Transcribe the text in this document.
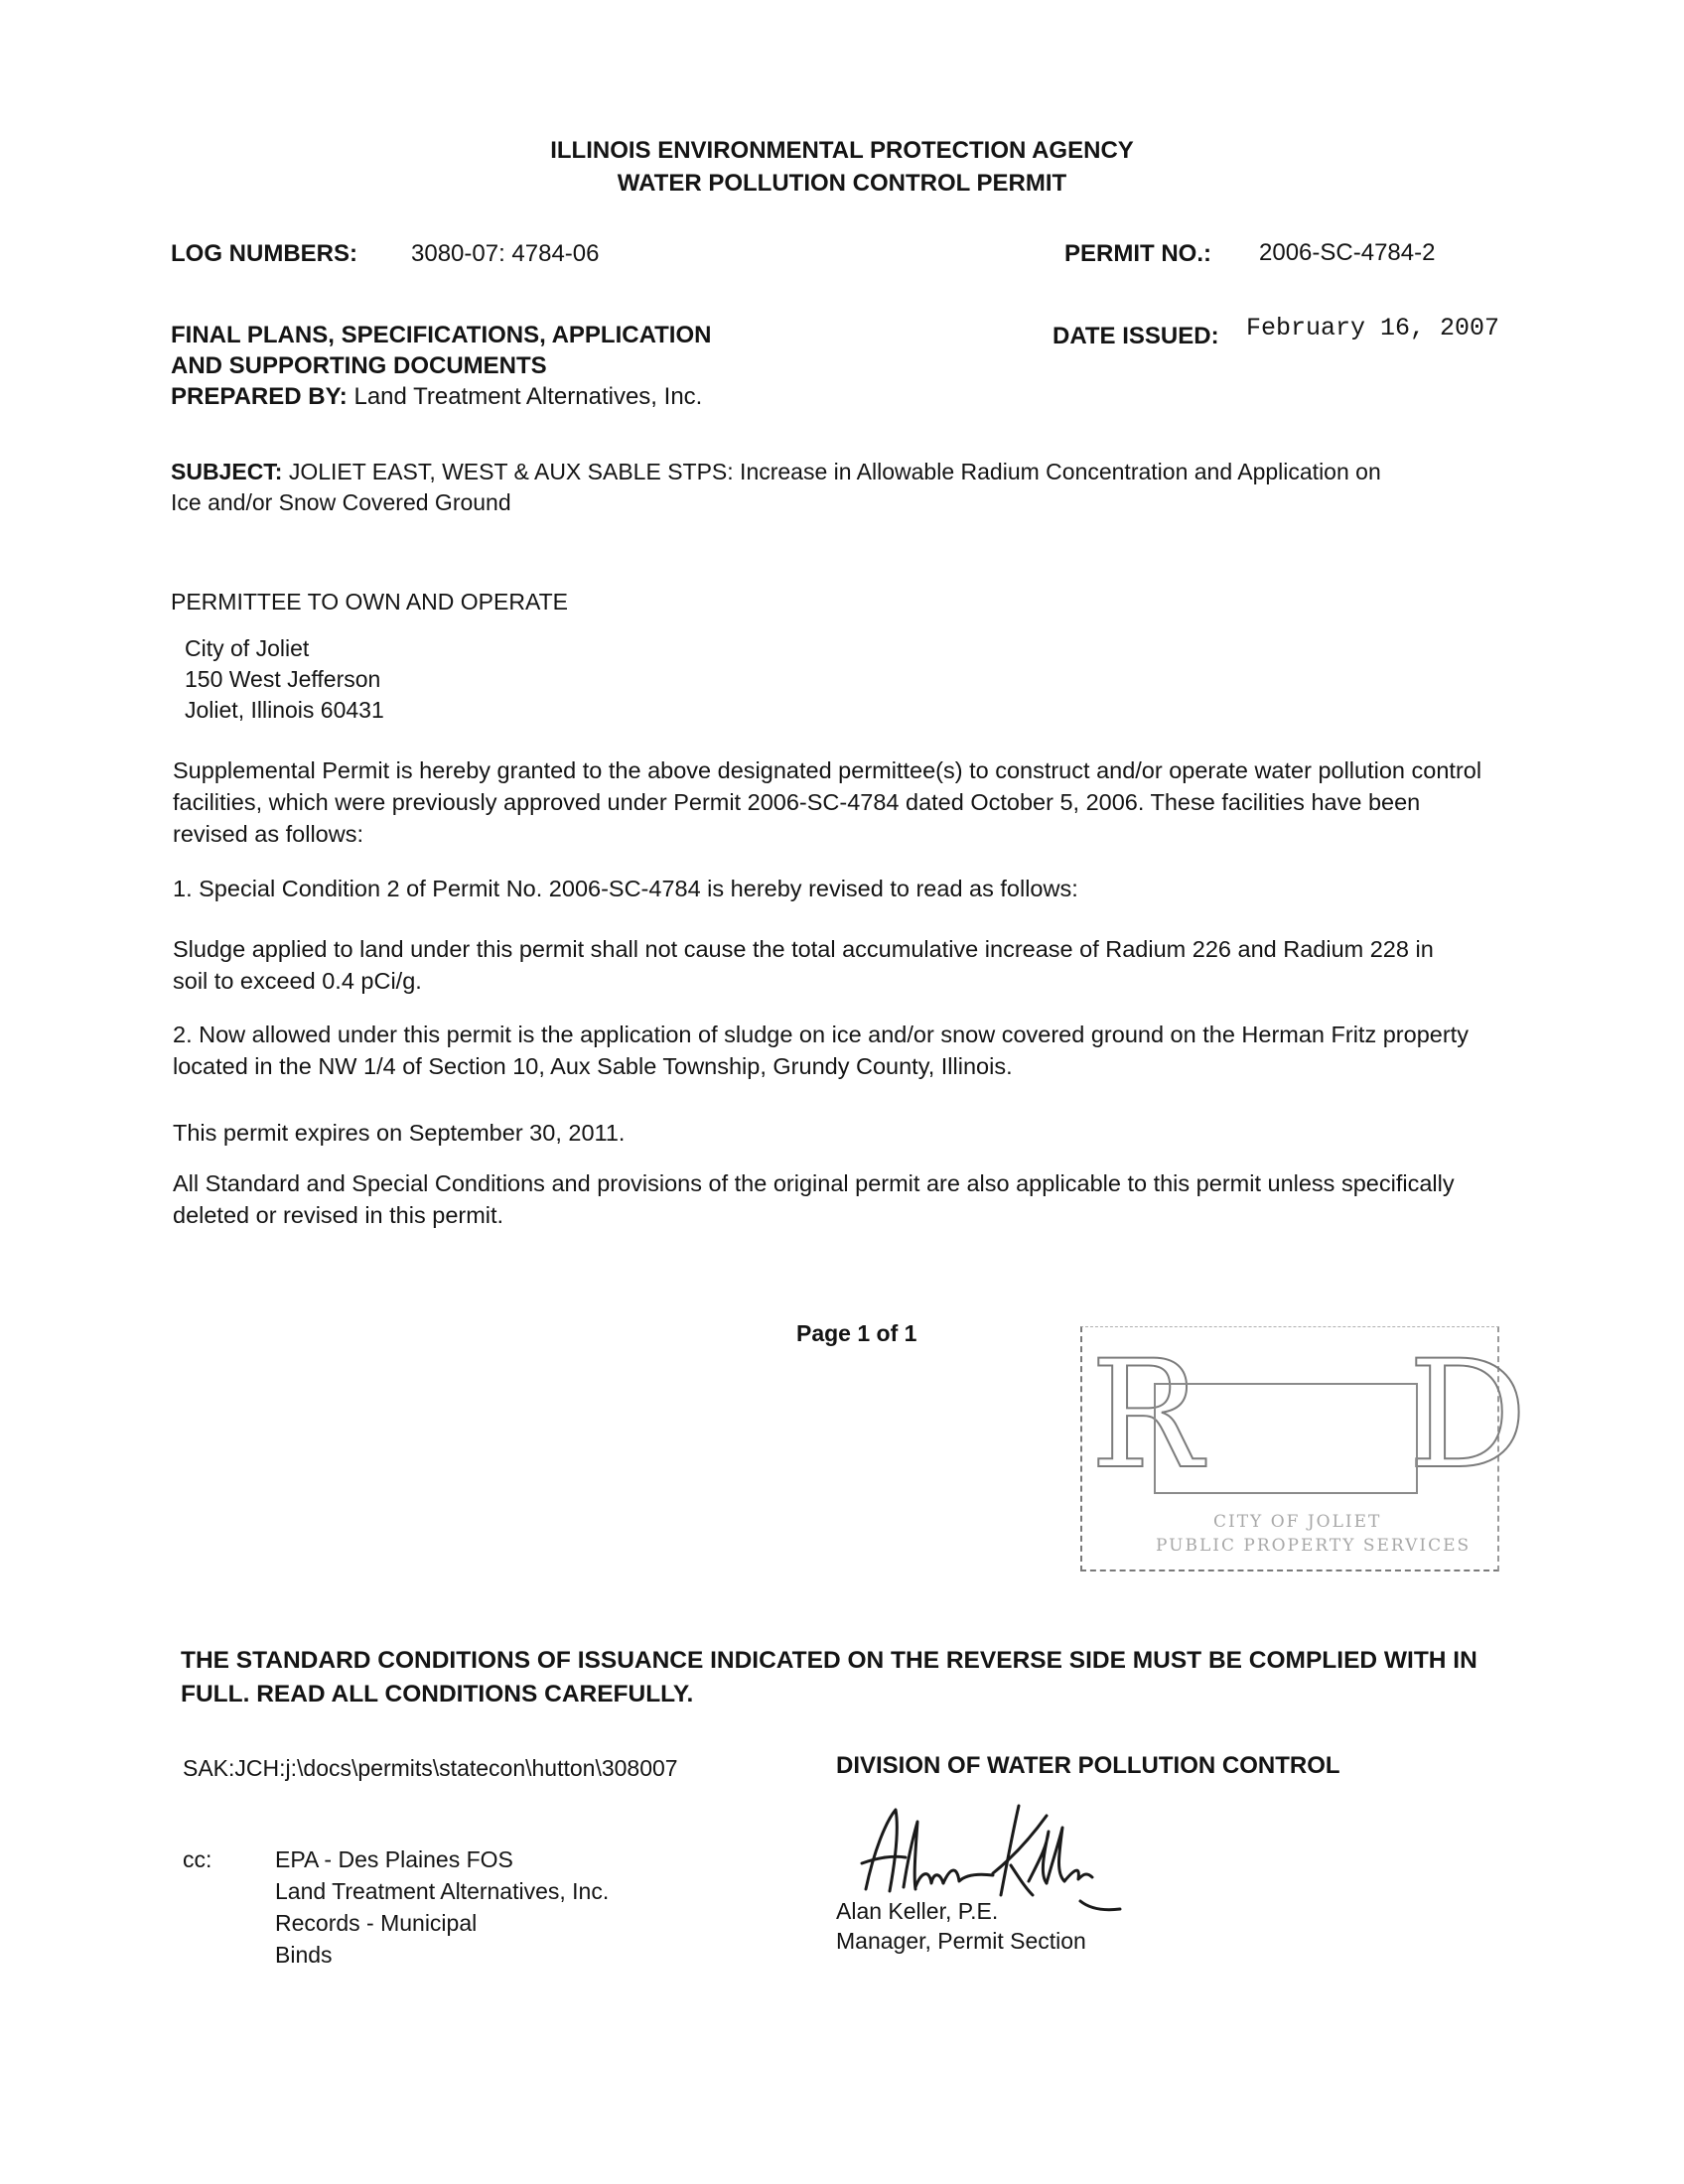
ILLINOIS ENVIRONMENTAL PROTECTION AGENCY
WATER POLLUTION CONTROL PERMIT
LOG NUMBERS: 3080-07: 4784-06	PERMIT NO.: 2006-SC-4784-2
FINAL PLANS, SPECIFICATIONS, APPLICATION
AND SUPPORTING DOCUMENTS
PREPARED BY: Land Treatment Alternatives, Inc.
DATE ISSUED: February 16, 2007
SUBJECT: JOLIET EAST, WEST & AUX SABLE STPS: Increase in Allowable Radium Concentration and Application on
Ice and/or Snow Covered Ground
PERMITTEE TO OWN AND OPERATE
City of Joliet
150 West Jefferson
Joliet, Illinois 60431
Supplemental Permit is hereby granted to the above designated permittee(s) to construct and/or operate water pollution control
facilities, which were previously approved under Permit 2006-SC-4784 dated October 5, 2006. These facilities have been
revised as follows:
1. Special Condition 2 of Permit No. 2006-SC-4784 is hereby revised to read as follows:
Sludge applied to land under this permit shall not cause the total accumulative increase of Radium 226 and Radium 228 in
soil to exceed 0.4 pCi/g.
2. Now allowed under this permit is the application of sludge on ice and/or snow covered ground on the Herman Fritz property
located in the NW 1/4 of Section 10, Aux Sable Township, Grundy County, Illinois.
This permit expires on September 30, 2011.
All Standard and Special Conditions and provisions of the original permit are also applicable to this permit unless specifically
deleted or revised in this permit.
Page 1 of 1 R D
CITY OF JOLIET
PUBLIC PROPERTY SERVICES
THE STANDARD CONDITIONS OF ISSUANCE INDICATED ON THE REVERSE SIDE MUST BE COMPLIED WITH IN
FULL. READ ALL CONDITIONS CAREFULLY.
SAK:JCH:j:\docs\permits\statecon\hutton\308007	DIVISION OF WATER POLLUTION CONTROL
cc:	EPA - Des Plaines FOS
Land Treatment Alternatives, Inc.
Records - Municipal
Binds
Alan Keller, P.E.
Manager, Permit Section
